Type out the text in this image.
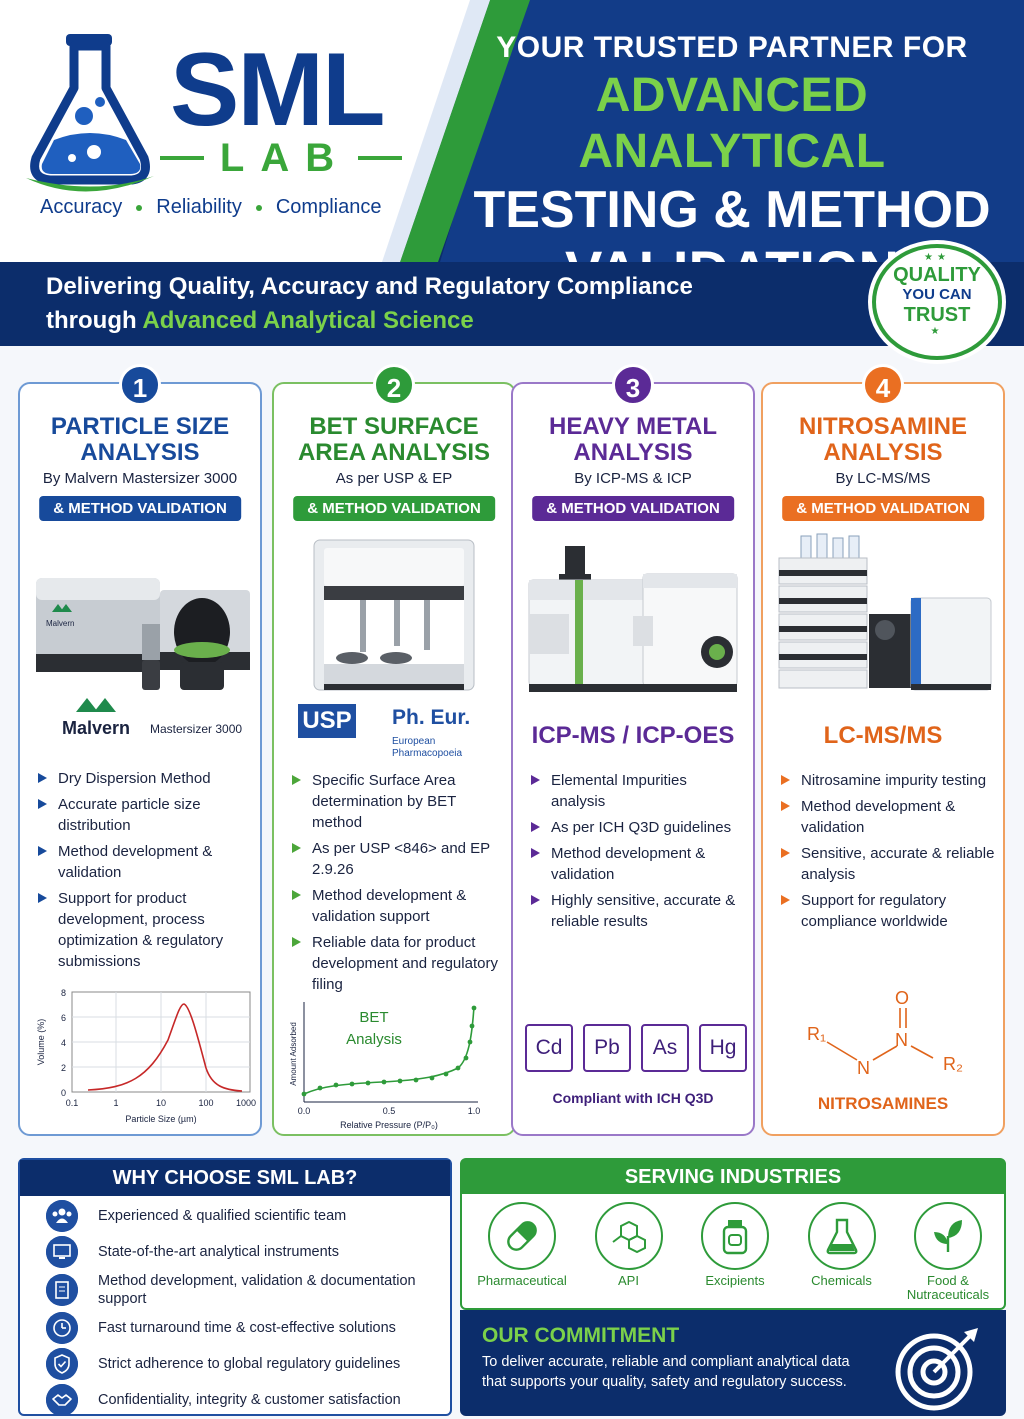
SML
LAB
Accuracy Reliability Compliance
YOUR TRUSTED PARTNER FOR
ADVANCED ANALYTICAL
TESTING & METHOD
Delivering Quality, Accuracy and Regulatory Compliance
through Advanced Analytical Science
★★
QUALITY
YOU CAN
TRUST
★
1
PARTICLE SIZE
ANALYSIS
By Malvern Mastersizer 3000
& METHOD VALIDATION
Malvern
Malvern Mastersizer 3000
Dry Dispersion Method
Accurate particle size distribution
Method development & validation
Support for product development, process optimization & regulatory submissions
8
6
4
2
0
0.1	1	10	100 1000
Particle Size (µm)
Volume (%)
2
BET SURFACE
AREA ANALYSIS
As per USP & EP
& METHOD VALIDATION
USP Ph. Eur.
European
Pharmacopoeia
Specific Surface Area determination by BET method
As per USP <846> and EP 2.9.26
Method development & validation support
Reliable data for product development and regulatory filing
BET
Analysis
0.0	0.5	1.0
Relative Pressure (P/P₀)
Amount Adsorbed
3
HEAVY METAL
ANALYSIS
By ICP-MS & ICP
& METHOD VALIDATION
ICP-MS / ICP-OES
Elemental Impurities analysis
As per ICH Q3D guidelines
Method development & validation
Highly sensitive, accurate & reliable results
Cd	Pb	As	Hg
Compliant with ICH Q3D
4
NITROSAMINE
ANALYSIS
By LC-MS/MS
& METHOD VALIDATION
LC-MS/MS
Nitrosamine impurity testing
Method development & validation
Sensitive, accurate & reliable analysis
Support for regulatory compliance worldwide
O
N
N
R₁
R₂
NITROSAMINES
WHY CHOOSE SML LAB?
Experienced & qualified scientific team
State-of-the-art analytical instruments
Method development, validation & documentation support
Fast turnaround time & cost-effective solutions
Strict adherence to global regulatory guidelines
Confidentiality, integrity & customer satisfaction
SERVING INDUSTRIES
Pharmaceutical	API	Excipients	Chemicals	Food & Nutraceuticals
OUR COMMITMENT
To deliver accurate, reliable and compliant analytical data that supports your quality, safety and regulatory success.
